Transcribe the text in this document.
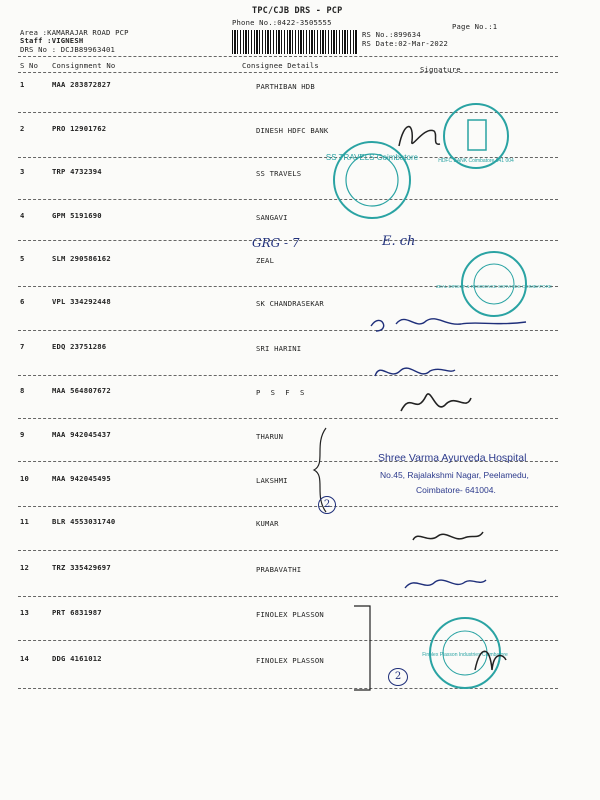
TPC/CJB DRS - PCP
Phone No.:0422-3505555
Area :KAMARAJAR ROAD PCP
Staff :VIGNESH
DRS No : DCJB89963401
RS No.:899634
RS Date:02-Mar-2022
Page No.:1
S No Consignment No	Consignee Details	Signature
1	MAA 283872827	PARTHIBAN HDB
2	PRO 12901762	DINESH HDFC BANK
3	TRP 4732394	SS TRAVELS
4	GPM 5191690	SANGAVI
5	SLM 290586162	ZEAL
6	VPL 334292448	SK CHANDRASEKAR
7	EDQ 23751286	SRI HARINI
8	MAA 564807672	P S F S
9	MAA 942045437	THARUN
10	MAA 942045495	LAKSHMI
11	BLR 4553031740	KUMAR
12	TRZ 335429697	PRABAVATHI
13	PRT 6831987	FINOLEX PLASSON
14	DDG 4161012	FINOLEX PLASSON
Shree Varma Ayurveda Hospital
No.45, Rajalakshmi Nagar, Peelamedu,
Coimbatore- 641004.
GRG - 7	E. ch
SS TRAVELS Coimbatore	HDFC BANK Coimbatore 641 004
ZEAL DIRECT & RESIDENCE SERVICES COIMBATORE
Finolex Plasson Industries Coimbatore
2
2
